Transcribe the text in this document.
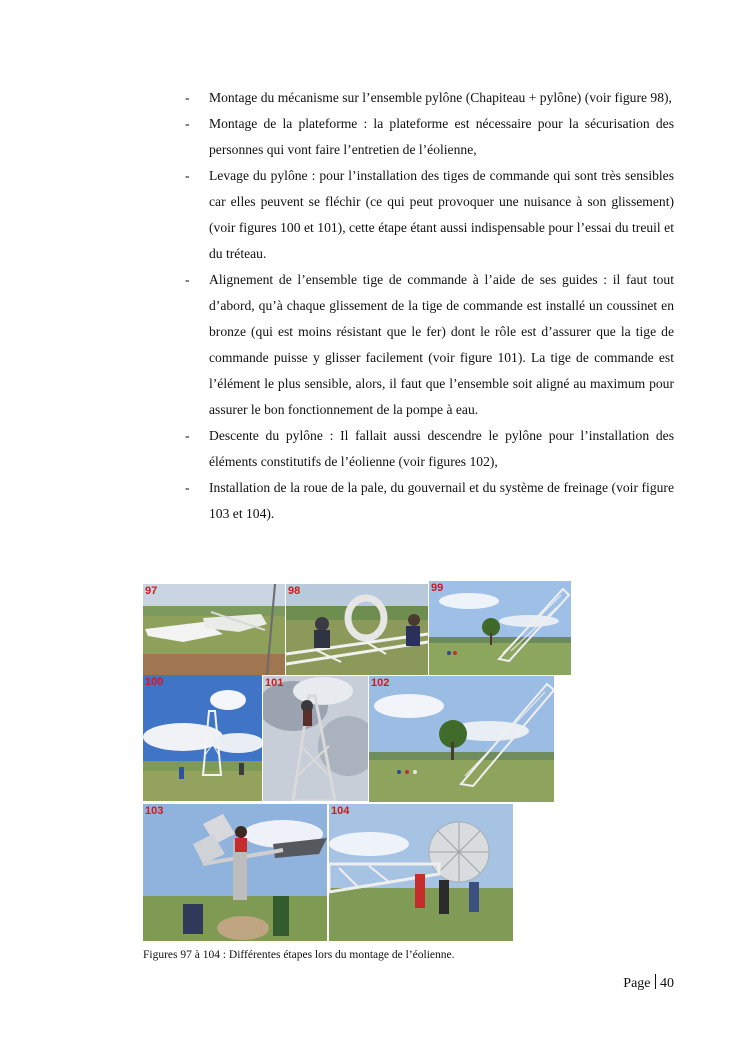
- Montage du mécanisme sur l’ensemble pylône (Chapiteau + pylône) (voir figure 98),
- Montage de la plateforme : la plateforme est nécessaire pour la sécurisation des personnes qui vont faire l’entretien de l’éolienne,
- Levage du pylône : pour l’installation des tiges de commande qui sont très sensibles car elles peuvent se fléchir (ce qui peut provoquer une nuisance à son glissement) (voir figures 100 et 101), cette étape étant aussi indispensable pour l’essai du treuil et du tréteau.
- Alignement de l’ensemble tige de commande à l’aide de ses guides : il faut tout d’abord, qu’à chaque glissement de la tige de commande est installé un coussinet en bronze (qui est moins résistant que le fer) dont le rôle est d’assurer que la tige de commande puisse y glisser facilement (voir figure 101). La tige de commande est l’élément le plus sensible, alors, il faut que l’ensemble soit aligné au maximum pour assurer le bon fonctionnement de la pompe à eau.
- Descente du pylône : Il fallait aussi descendre le pylône pour l’installation des éléments constitutifs de l’éolienne (voir figures 102),
- Installation de la roue de la pale, du gouvernail et du système de freinage (voir figure 103 et 104).
97	98	99
100	101	102
103	104
Figures 97 à 104 : Différentes étapes lors du montage de l’éolienne.
Page 40
